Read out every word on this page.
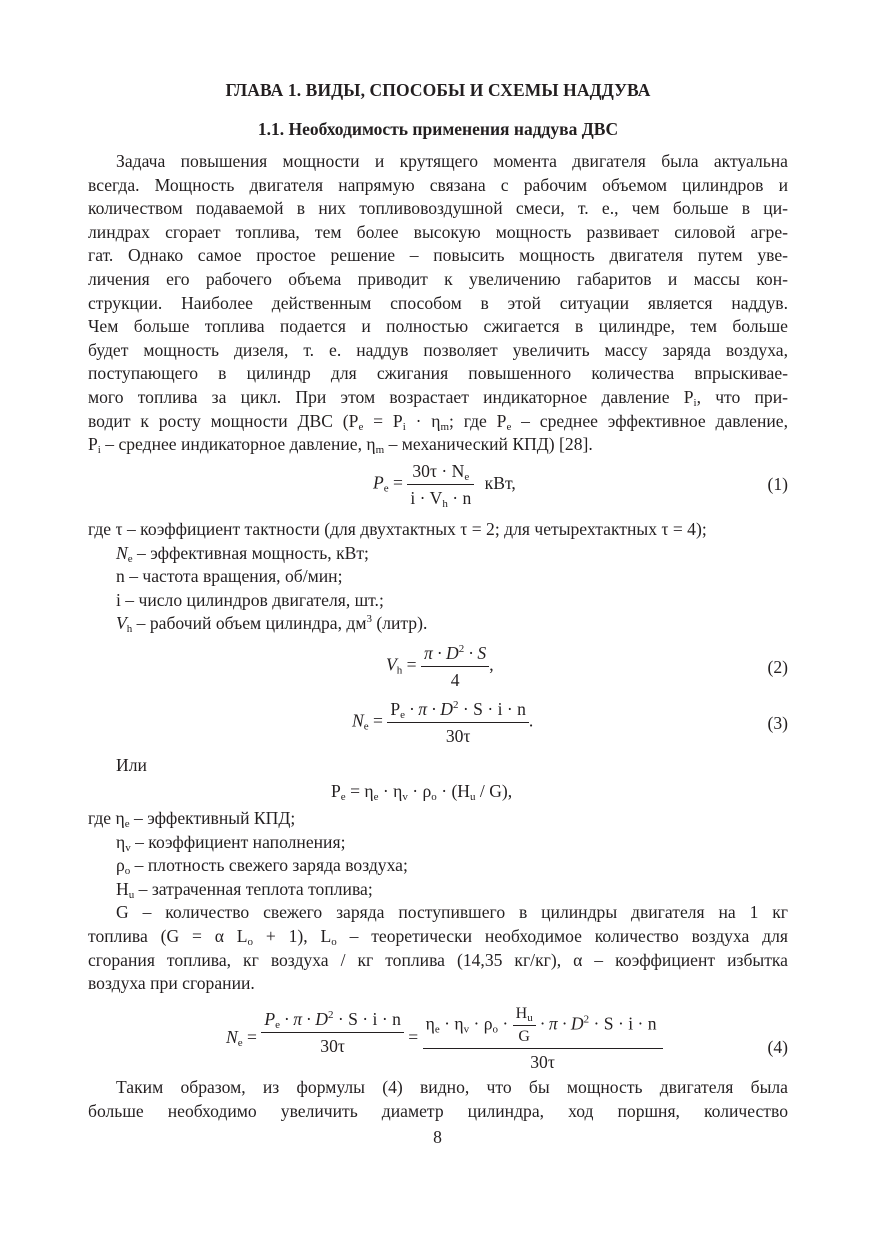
ГЛАВА 1. ВИДЫ, СПОСОБЫ И СХЕМЫ НАДДУВА
1.1. Необходимость применения наддува ДВС
Задача повышения мощности и крутящего момента двигателя была актуальна
всегда. Мощность двигателя напрямую связана с рабочим объемом цилиндров и
количеством подаваемой в них топливовоздушной смеси, т. е., чем больше в ци-
линдрах сгорает топлива, тем более высокую мощность развивает силовой агре-
гат. Однако самое простое решение – повысить мощность двигателя путем уве-
личения его рабочего объема приводит к увеличению габаритов и массы кон-
струкции. Наиболее действенным способом в этой ситуации является наддув.
Чем больше топлива подается и полностью сжигается в цилиндре, тем больше
будет мощность дизеля, т. е. наддув позволяет увеличить массу заряда воздуха,
поступающего в цилиндр для сжигания повышенного количества впрыскивае-
мого топлива за цикл. При этом возрастает индикаторное давление $P_i$, что при-
водит к росту мощности ДВС ($P_e = P_i \cdot \eta_m$; где $P_e$ – среднее эффективное давление,
$P_i$ – среднее индикаторное давление, $\eta_m$ – механический КПД) [28].
$P_e = \frac{30\tau \cdot N_e}{i \cdot V_h \cdot n}$ кВт,	(1)
где τ – коэффициент тактности (для двухтактных τ = 2; для четырехтактных τ = 4);
$N_e$ – эффективная мощность, кВт;
n – частота вращения, об/мин;
i – число цилиндров двигателя, шт.;
$V_h$ – рабочий объем цилиндра, $дм^3$ (литр).
$V_h = \frac{\pi \cdot D^2 \cdot S}{4}$ ,	(2)
$N_e = \frac{P_e \cdot \pi \cdot D^2 \cdot S \cdot i \cdot n}{30\tau}$ .	(3)
Или
$P_e = \eta_e \cdot \eta_v \cdot \rho_o \cdot (H_u / G)$,
где $\eta_e$ – эффективный КПД;
$\eta_v$ – коэффициент наполнения;
$\rho_o$ – плотность свежего заряда воздуха;
$H_u$ – затраченная теплота топлива;
G – количество свежего заряда поступившего в цилиндры двигателя на 1 кг
топлива (G = α $L_o + 1$), $L_o$ – теоретически необходимое количество воздуха для
сгорания топлива, кг воздуха / кг топлива (14,35 кг/кг), α – коэффициент избытка
воздуха при сгорании.
$N_e = \frac{P_e \cdot \pi \cdot D^2 \cdot S \cdot i \cdot n}{30\tau} = \frac{\eta_e \cdot \eta_v \cdot \rho_o \cdot \frac{H_u}{G} \cdot \pi \cdot D^2 \cdot S \cdot i \cdot n}{30\tau}$	(4)
Таким образом, из формулы (4) видно, что бы мощность двигателя была
больше необходимо увеличить диаметр цилиндра, ход поршня, количество
8
